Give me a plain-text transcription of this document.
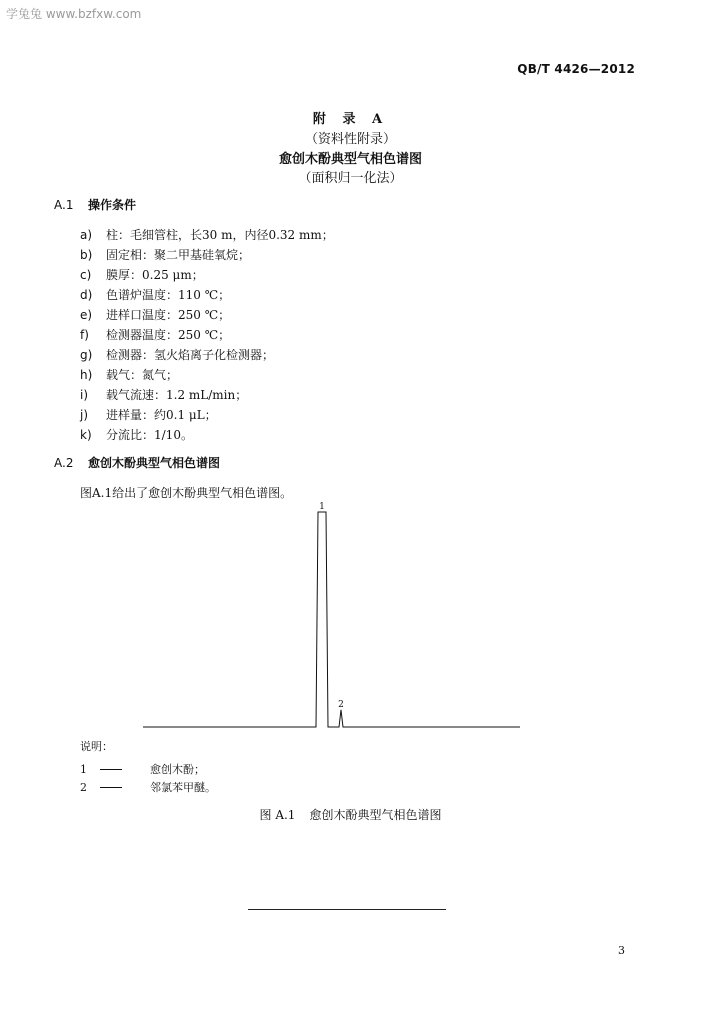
学兔兔 www.bzfxw.com
QB/T 4426—2012
附 录 A
（资料性附录）
愈创木酚典型气相色谱图
（面积归一化法）
A.1 操作条件
a)	柱：毛细管柱，长30 m，内径0.32 mm；
b)	固定相：聚二甲基硅氧烷；
c)	膜厚：0.25 μm；
d)	色谱炉温度：110 ℃；
e)	进样口温度：250 ℃；
f)	检测器温度：250 ℃；
g)	检测器：氢火焰离子化检测器；
h)	载气：氮气；
i)	载气流速：1.2 mL/min；
j)	进样量：约0.1 μL；
k)	分流比：1/10。
A.2 愈创木酚典型气相色谱图
图A.1给出了愈创木酚典型气相色谱图。
1
2
说明：
1	愈创木酚；
2	邻氯苯甲醚。
图 A.1 愈创木酚典型气相色谱图
3
